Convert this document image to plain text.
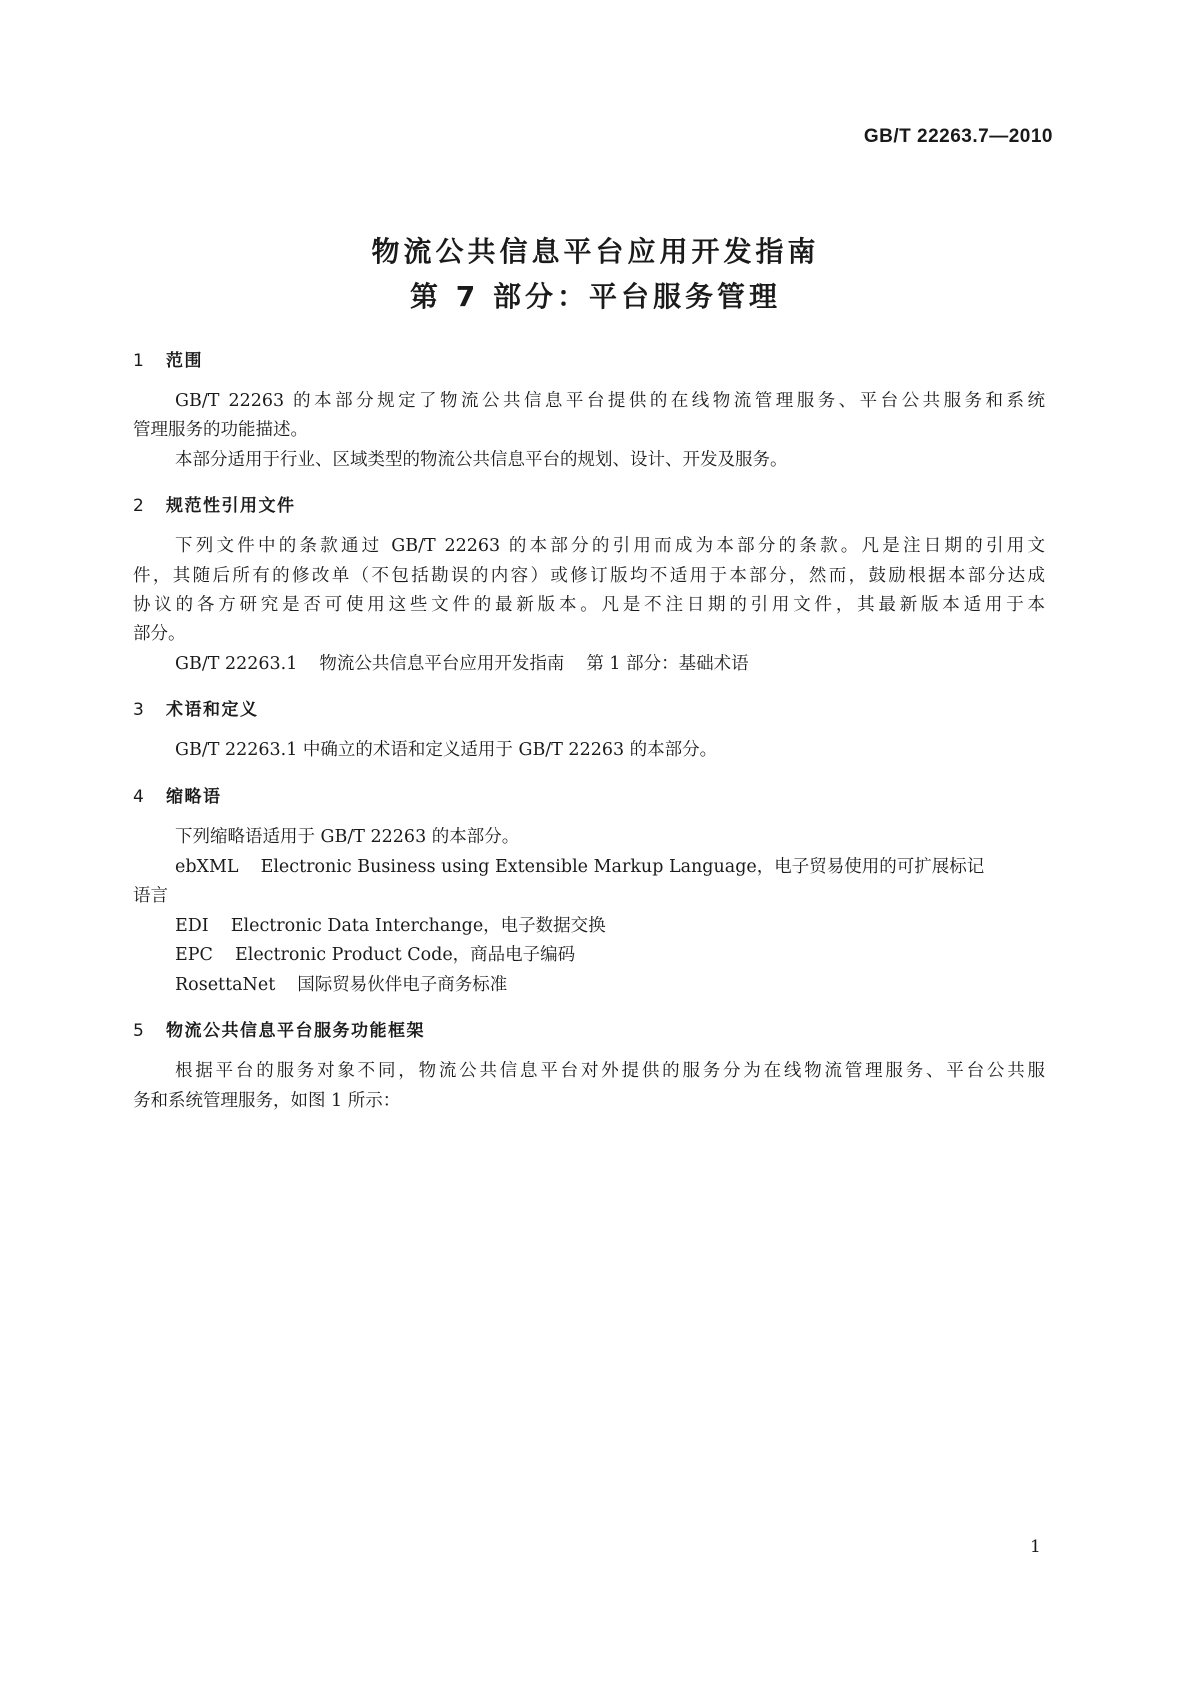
GB/T 22263.7—2010
物流公共信息平台应用开发指南
第 7 部分：平台服务管理
1 范围
GB/T 22263 的本部分规定了物流公共信息平台提供的在线物流管理服务、平台公共服务和系统
管理服务的功能描述。
本部分适用于行业、区域类型的物流公共信息平台的规划、设计、开发及服务。
2 规范性引用文件
下列文件中的条款通过 GB/T 22263 的本部分的引用而成为本部分的条款。凡是注日期的引用文
件，其随后所有的修改单（不包括勘误的内容）或修订版均不适用于本部分，然而，鼓励根据本部分达成
协议的各方研究是否可使用这些文件的最新版本。凡是不注日期的引用文件，其最新版本适用于本
部分。
GB/T 22263.1 物流公共信息平台应用开发指南 第 1 部分：基础术语
3 术语和定义
GB/T 22263.1 中确立的术语和定义适用于 GB/T 22263 的本部分。
4 缩略语
下列缩略语适用于 GB/T 22263 的本部分。
ebXML Electronic Business using Extensible Markup Language，电子贸易使用的可扩展标记
语言
EDI Electronic Data Interchange，电子数据交换
EPC Electronic Product Code，商品电子编码
RosettaNet 国际贸易伙伴电子商务标准
5 物流公共信息平台服务功能框架
根据平台的服务对象不同，物流公共信息平台对外提供的服务分为在线物流管理服务、平台公共服
务和系统管理服务，如图 1 所示：
1
